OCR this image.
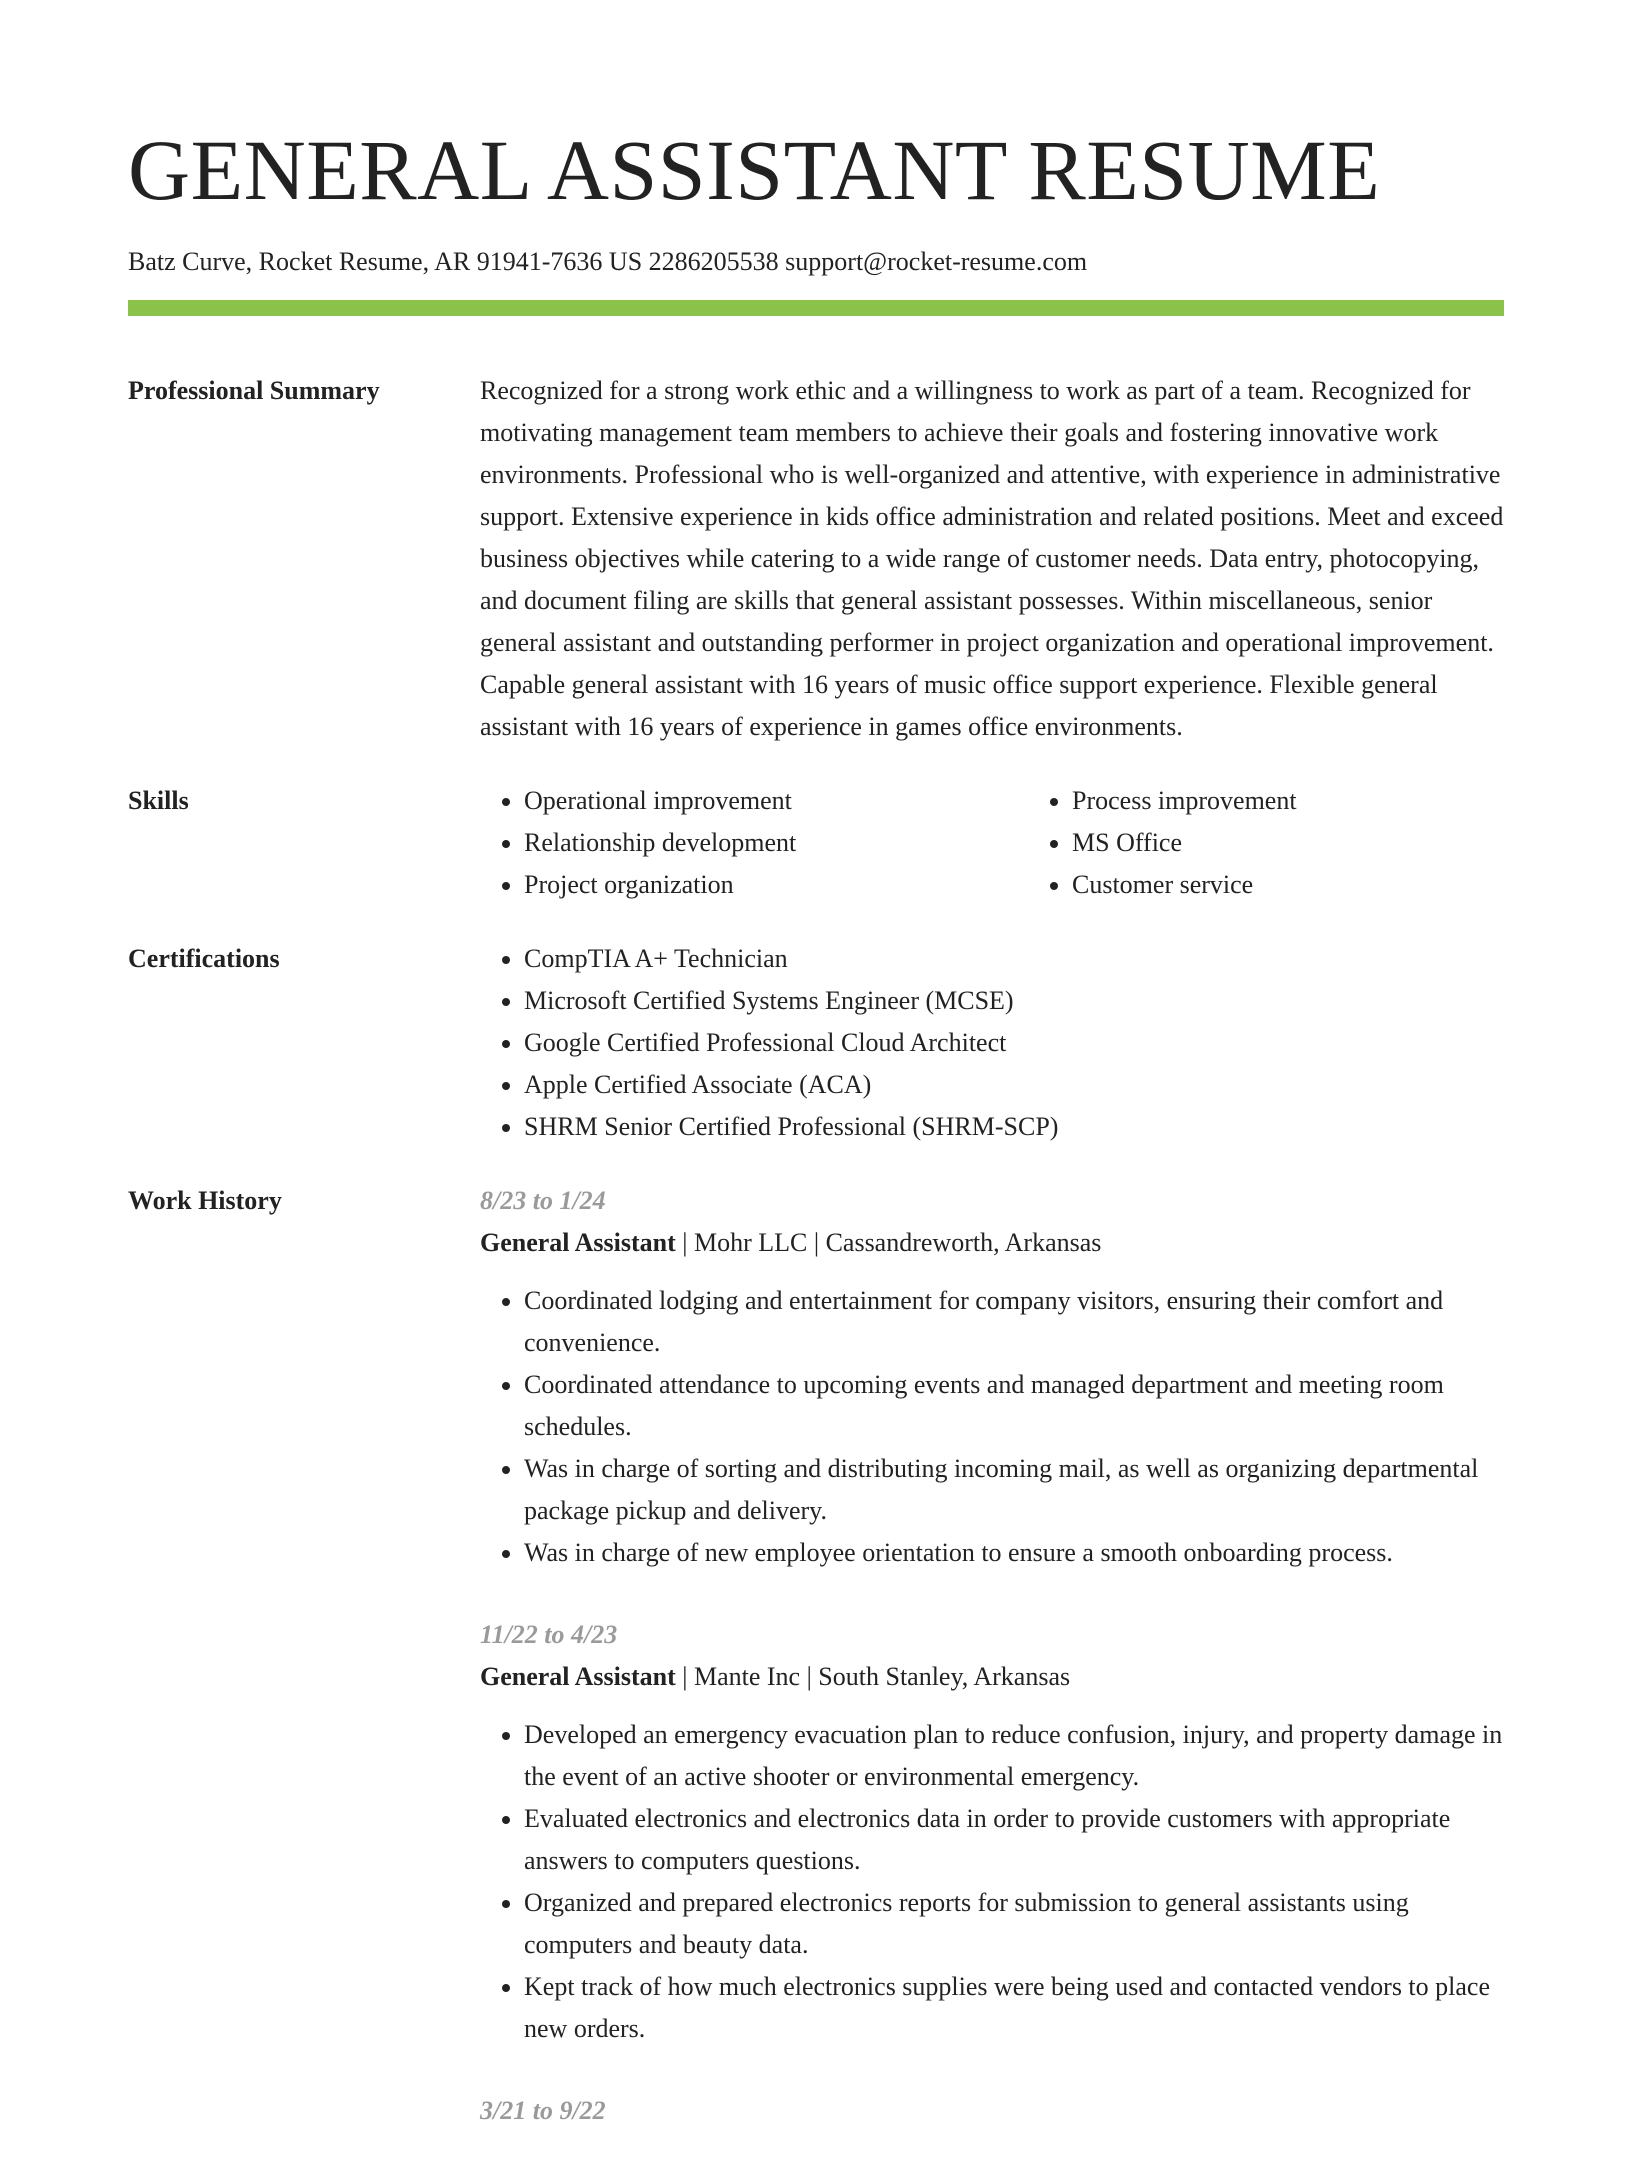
GENERAL ASSISTANT RESUME
Batz Curve, Rocket Resume, AR 91941-7636 US 2286205538 support@rocket-resume.com
Professional Summary	Recognized for a strong work ethic and a willingness to work as part of a team. Recognized for motivating management team members to achieve their goals and fostering innovative work environments. Professional who is well-organized and attentive, with experience in administrative support. Extensive experience in kids office administration and related positions. Meet and exceed business objectives while catering to a wide range of customer needs. Data entry, photocopying, and document filing are skills that general assistant possesses. Within miscellaneous, senior general assistant and outstanding performer in project organization and operational improvement. Capable general assistant with 16 years of music office support experience. Flexible general assistant with 16 years of experience in games office environments.

Skills	• Operational improvement
• Relationship development
• Project organization
• Process improvement
• MS Office
• Customer service
Certifications	• CompTIA A+ Technician
• Microsoft Certified Systems Engineer (MCSE)
• Google Certified Professional Cloud Architect
• Apple Certified Associate (ACA)
• SHRM Senior Certified Professional (SHRM-SCP)
Work History	8/23 to 1/24
General Assistant | Mohr LLC | Cassandreworth, Arkansas
• Coordinated lodging and entertainment for company visitors, ensuring their comfort and convenience.
• Coordinated attendance to upcoming events and managed department and meeting room schedules.
• Was in charge of sorting and distributing incoming mail, as well as organizing departmental package pickup and delivery.
• Was in charge of new employee orientation to ensure a smooth onboarding process.
11/22 to 4/23
General Assistant | Mante Inc | South Stanley, Arkansas
• Developed an emergency evacuation plan to reduce confusion, injury, and property damage in the event of an active shooter or environmental emergency.
• Evaluated electronics and electronics data in order to provide customers with appropriate answers to computers questions.
• Organized and prepared electronics reports for submission to general assistants using computers and beauty data.
• Kept track of how much electronics supplies were being used and contacted vendors to place new orders.
3/21 to 9/22
